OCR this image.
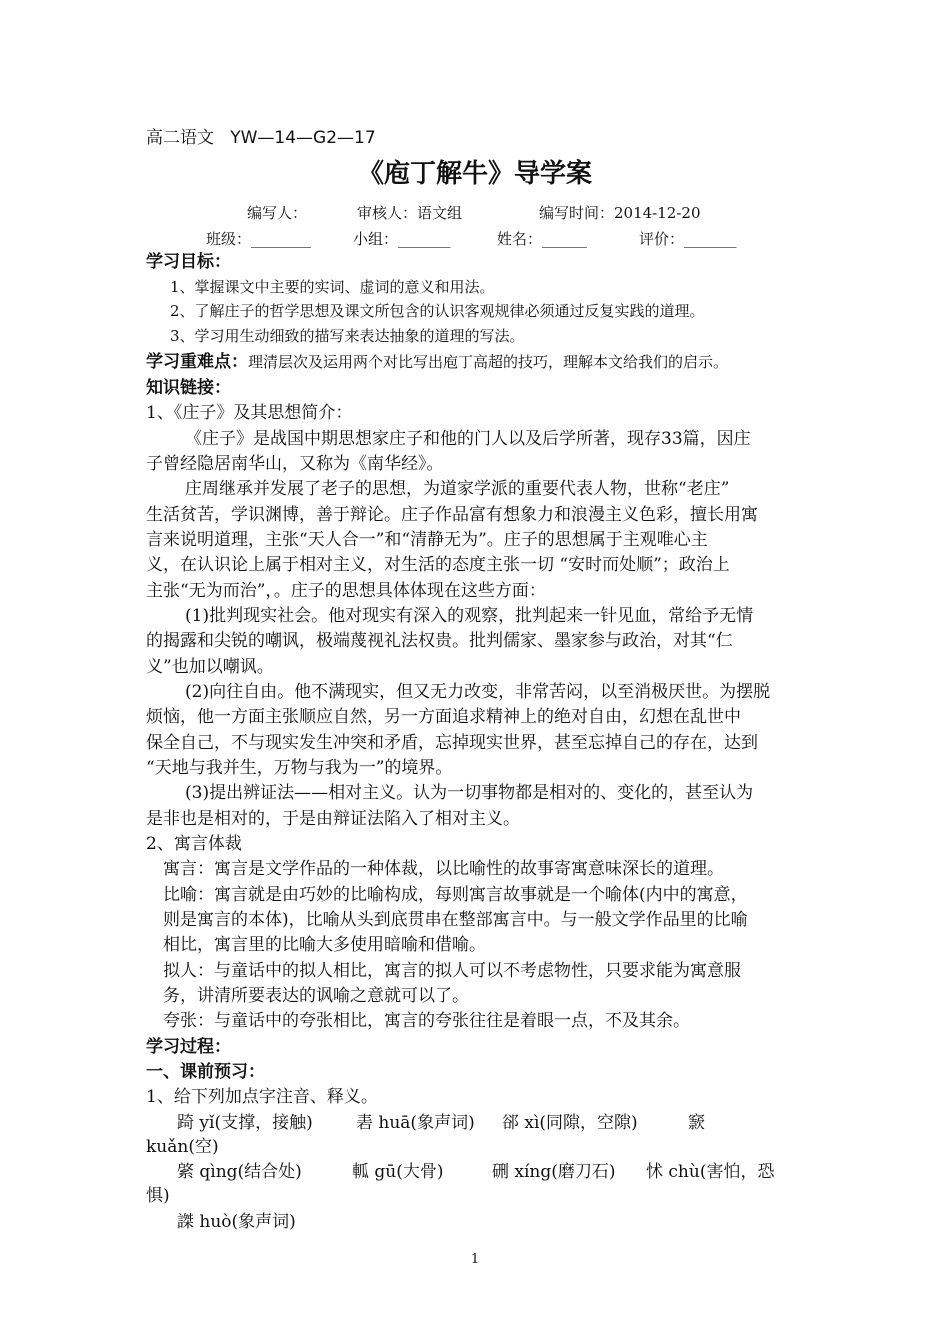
高二语文 YW—14—G2—17
《庖丁解牛》导学案
编写人：	审核人：语文组	编写时间：2014-12-20
班级：________	小组：_______	姓名：______	评价：_______
学习目标：
1、掌握课文中主要的实词、虚词的意义和用法。
2、了解庄子的哲学思想及课文所包含的认识客观规律必须通过反复实践的道理。
3、学习用生动细致的描写来表达抽象的道理的写法。
学习重难点：理清层次及运用两个对比写出庖丁高超的技巧，理解本文给我们的启示。
知识链接：
1、《庄子》及其思想简介：
《庄子》是战国中期思想家庄子和他的门人以及后学所著，现存33篇，因庄
子曾经隐居南华山，又称为《南华经》。
庄周继承并发展了老子的思想，为道家学派的重要代表人物，世称“老庄”
生活贫苦，学识渊博，善于辩论。庄子作品富有想象力和浪漫主义色彩，擅长用寓
言来说明道理，主张“天人合一”和“清静无为”。庄子的思想属于主观唯心主
义，在认识论上属于相对主义，对生活的态度主张一切 “安时而处顺”；政治上
主张“无为而治”，。庄子的思想具体体现在这些方面：
(1)批判现实社会。他对现实有深入的观察，批判起来一针见血，常给予无情
的揭露和尖锐的嘲讽，极端蔑视礼法权贵。批判儒家、墨家参与政治，对其“仁
义”也加以嘲讽。
(2)向往自由。他不满现实，但又无力改变，非常苦闷，以至消极厌世。为摆脱
烦恼，他一方面主张顺应自然，另一方面追求精神上的绝对自由，幻想在乱世中
保全自己，不与现实发生冲突和矛盾，忘掉现实世界，甚至忘掉自己的存在，达到
“天地与我并生，万物与我为一”的境界。
(3)提出辨证法——相对主义。认为一切事物都是相对的、变化的，甚至认为
是非也是相对的，于是由辩证法陷入了相对主义。
2、寓言体裁
寓言：寓言是文学作品的一种体裁，以比喻性的故事寄寓意味深长的道理。
比喻：寓言就是由巧妙的比喻构成，每则寓言故事就是一个喻体(内中的寓意，
则是寓言的本体)，比喻从头到底贯串在整部寓言中。与一般文学作品里的比喻
相比，寓言里的比喻大多使用暗喻和借喻。
拟人：与童话中的拟人相比，寓言的拟人可以不考虑物性，只要求能为寓意服
务，讲清所要表达的讽喻之意就可以了。
夸张：与童话中的夸张相比，寓言的夸张往往是着眼一点，不及其余。
学习过程：
一、课前预习：
1、给下列加点字注音、释义。
踦 yǐ(支撑，接触)	砉 huā(象声词) 郤 xì(同隙，空隙)	窾
kuǎn(空)
綮 qìng(结合处)	軱 gū(大骨)	硎 xíng(磨刀石) 怵 chù(害怕，恐
惧)
謋 huò(象声词)
1
